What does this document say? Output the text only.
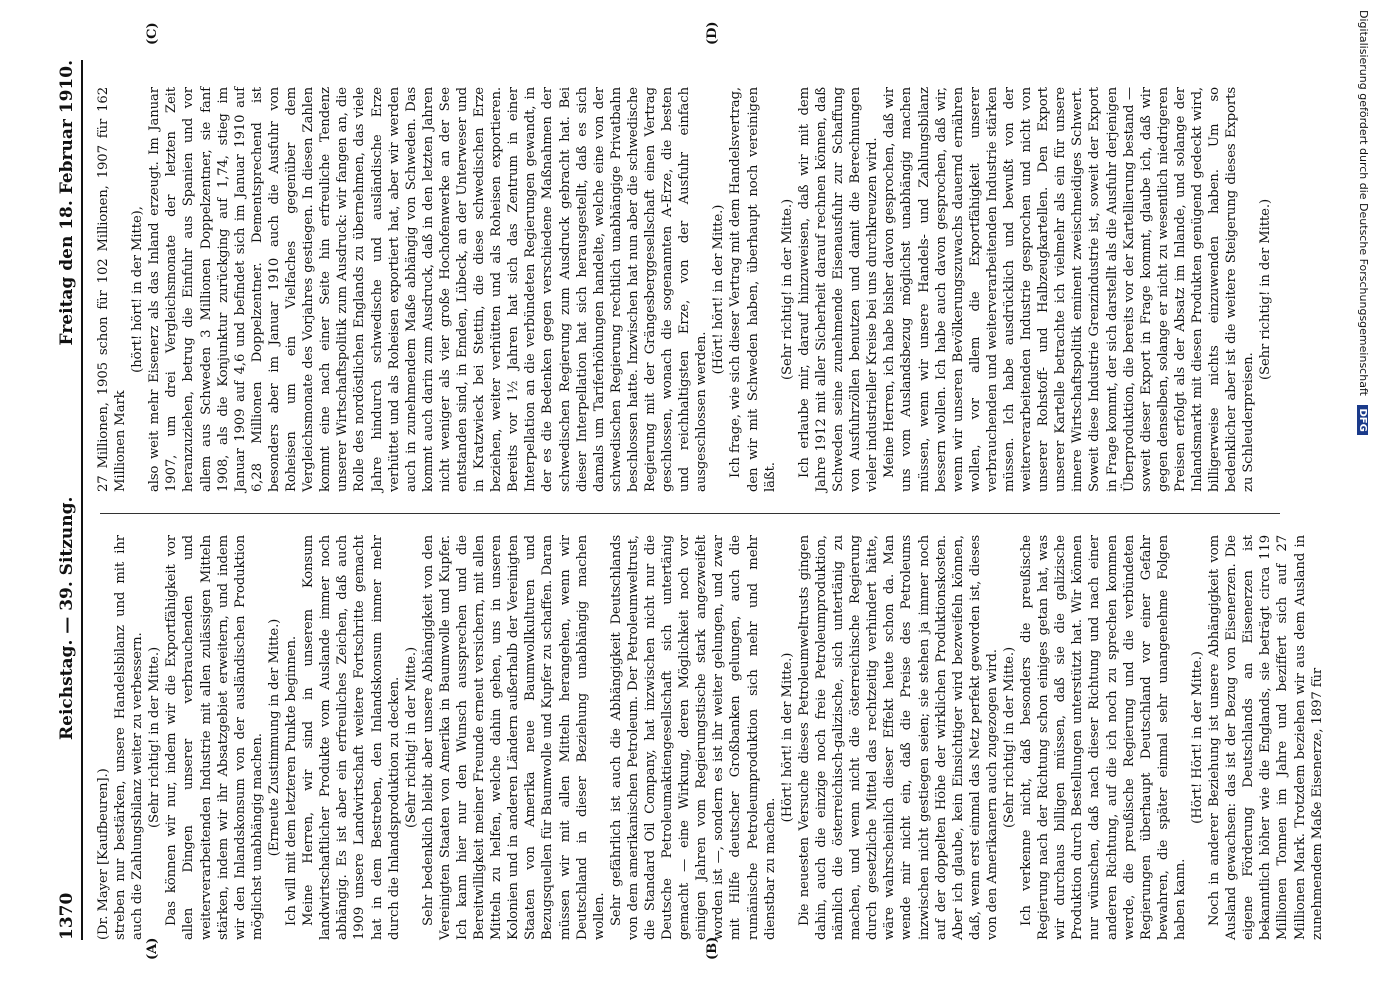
1370
Reichstag. — 39. Sitzung.
Freitag den 18. Februar 1910.
(A)	(B)
(C)	(D)

(Dr. Mayer [Kaufbeuren].) streben nur bestärken, unsere Handelsbilanz und mit ihr auch die Zahlungsbilanz weiter zu verbessern. (Sehr richtig! in der Mitte.) Das können wir nur, indem wir die Exportfähigkeit vor allen Dingen unserer verbrauchenden und weiterverarbeitenden Industrie mit allen zulässigen Mitteln stärken, indem wir ihr Absatzgebiet erweitern, und indem wir den Inlandskonsum von der ausländischen Produktion möglichst unabhängig machen. (Erneute Zustimmung in der Mitte.) Ich will mit dem letzteren Punkte beginnen. Meine Herren, wir sind in unserem Konsum landwirtschaftlicher Produkte vom Auslande immer noch abhängig. Es ist aber ein erfreuliches Zeichen, daß auch 1909 unsere Landwirtschaft weitere Fortschritte gemacht hat in dem Bestreben, den Inlandskonsum immer mehr durch die Inlandsproduktion zu decken. (Sehr richtig! in der Mitte.) Sehr bedenklich bleibt aber unsere Abhängigkeit von den Vereinigten Staaten von Amerika in Baumwolle und Kupfer. Ich kann hier nur den Wunsch aussprechen und die Bereitwilligkeit meiner Freunde erneut versichern, mit allen Mitteln zu helfen, welche dahin gehen, uns in unseren Kolonien und in anderen Ländern außerhalb der Vereinigten Staaten von Amerika neue Baumwollkulturen und Bezugsquellen für Baumwolle und Kupfer zu schaffen. Daran müssen wir mit allen Mitteln herangehen, wenn wir Deutschland in dieser Beziehung unabhängig machen wollen. Sehr gefährlich ist auch die Abhängigkeit Deutschlands von dem amerikanischen Petroleum. Der Petroleumweltrust, die Standard Oil Company, hat inzwischen nicht nur die Deutsche Petroleumaktiengesellschaft sich untertänig gemacht — eine Wirkung, deren Möglichkeit noch vor einigen Jahren vom Regierungstische stark angezweifelt worden ist —, sondern es ist ihr weiter gelungen, und zwar mit Hilfe deutscher Großbanken gelungen, auch die rumänische Petroleumproduktion sich mehr und mehr dienstbar zu machen.

(Hört! hört! in der Mitte.) Die neuesten Versuche dieses Petroleumweltrusts gingen dahin, auch die einzige noch freie Petroleumproduktion, nämlich die österreichisch-galizische, sich untertänig zu machen, und wenn nicht die österreichische Regierung durch gesetzliche Mittel das rechtzeitig verhindert hätte, wäre wahrscheinlich dieser Effekt heute schon da. Man wende mir nicht ein, daß die Preise des Petroleums inzwischen nicht gestiegen seien; sie stehen ja immer noch auf der doppelten Höhe der wirklichen Produktionskosten. Aber ich glaube, kein Einsichtiger wird bezweifeln können, daß, wenn erst einmal das Netz perfekt geworden ist, dieses von den Amerikanern auch zugezogen wird. (Sehr richtig! in der Mitte.) Ich verkenne nicht, daß besonders die preußische Regierung nach der Richtung schon einiges getan hat, was wir durchaus billigen müssen, daß sie die galizische Produktion durch Bestellungen unterstützt hat. Wir können nur wünschen, daß nach dieser Richtung und nach einer anderen Richtung, auf die ich noch zu sprechen kommen werde, die preußische Regierung und die verbündeten Regierungen überhaupt Deutschland vor einer Gefahr bewahren, die später einmal sehr unangenehme Folgen haben kann.

(Hört! Hört! in der Mitte.) Noch in anderer Beziehung ist unsere Abhängigkeit vom Ausland gewachsen: das ist der Bezug von Eisenerzen. Die eigene Förderung Deutschlands an Eisenerzen ist bekanntlich höher wie die Englands, sie beträgt circa 119 Millionen Tonnen im Jahre und beziffert sich auf 27 Millionen Mark. Trotzdem beziehen wir aus dem Ausland in zunehmendem Maße Eisenerze, 1897 für

27 Millionen, 1905 schon für 102 Millionen, 1907 für 162 Millionen Mark

(hört! hört! in der Mitte), also weit mehr Eisenerz als das Inland erzeugt. Im Januar 1907, um drei Vergleichsmonate der letzten Zeit heranzuziehen, betrug die Einfuhr aus Spanien und vor allem aus Schweden 3 Millionen Doppelzentner, sie fanf 1908, als die Konjunktur zurückging auf 1,74, stieg im Januar 1909 auf 4,6 und befindet sich im Januar 1910 auf 6,28 Millionen Doppelzentner. Dementsprechend ist besonders aber im Januar 1910 auch die Ausfuhr von Roheisen um ein Vielfaches gegenüber dem Vergleichsmonate des Vorjahres gestiegen. In diesen Zahlen kommt eine nach einer Seite hin erfreuliche Tendenz unserer Wirtschaftspolitik zum Ausdruck: wir fangen an, die Rolle des nordöstlichen Englands zu übernehmen, das viele Jahre hindurch schwedische und ausländische Erze verhüttet und als Roheisen exportiert hat, aber wir werden auch in zunehmendem Maße abhängig von Schweden. Das kommt auch darin zum Ausdruck, daß in den letzten Jahren nicht weniger als vier große Hochofenwerke an der See entstanden sind, in Emden, Lübeck, an der Unterweser und in Kratzwieck bei Stettin, die diese schwedischen Erze beziehen, weiter verhütten und als Roheisen exportieren. Bereits vor 1½ Jahren hat sich das Zentrum in einer Interpellation an die verbündeten Regierungen gewandt, in der es die Bedenken gegen verschiedene Maßnahmen der schwedischen Regierung zum Ausdruck gebracht hat. Bei dieser Interpellation hat sich herausgestellt, daß es sich damals um Tariferhöhungen handelte, welche eine von der schwedischen Regierung rechtlich unabhängige Privatbahn beschlossen hatte. Inzwischen hat nun aber die schwedische Regierung mit der Grängesberggesellschaft einen Vertrag geschlossen, wonach die sogenannten A-Erze, die besten und reichhaltigsten Erze, von der Ausfuhr einfach ausgeschlossen werden.

(Hört! hört! in der Mitte.) Ich frage, wie sich dieser Vertrag mit dem Handelsvertrag, den wir mit Schweden haben, überhaupt noch vereinigen läßt.

(Sehr richtig! in der Mitte.) Ich erlaube mir, darauf hinzuweisen, daß wir mit dem Jahre 1912 mit aller Sicherheit darauf rechnen können, daß Schweden seine zunehmende Eisenausfuhr zur Schaffung von Ausfuhrzöllen benutzen und damit die Berechnungen vieler industrieller Kreise bei uns durchkreuzen wird. Meine Herren, ich habe bisher davon gesprochen, daß wir uns vom Auslandsbezug möglichst unabhängig machen müssen, wenn wir unsere Handels- und Zahlungsbilanz bessern wollen. Ich habe auch davon gesprochen, daß wir, wenn wir unseren Bevölkerungszuwachs dauernd ernähren wollen, vor allem die Exportfähigkeit unserer verbrauchenden und weiterverarbeitenden Industrie stärken müssen. Ich habe ausdrücklich und bewußt von der weiterverarbeitenden Industrie gesprochen und nicht von unserer Rohstoff- und Halbzeugkartellen. Den Export unserer Kartelle betrachte ich vielmehr als ein für unsere innere Wirtschaftspolitik eminent zweischneidiges Schwert. Soweit diese Industrie Grenzindustrie ist, soweit der Export in Frage kommt, der sich darstellt als die Ausfuhr derjenigen Überproduktion, die bereits vor der Kartellierung bestand — soweit dieser Export in Frage kommt, glaube ich, daß wir gegen denselben, solange er nicht zu wesentlich niedrigeren Preisen erfolgt als der Absatz im Inlande, und solange der Inlandsmarkt mit diesen Produkten genügend gedeckt wird, billigerweise nichts einzuwenden haben. Um so bedenklicher aber ist die weitere Steigerung dieses Exports zu Schleuderpreisen.

(Sehr richtig! in der Mitte.)	Digitalisierung gefördert durch die Deutsche Forschungsgemeinschaft DFG
